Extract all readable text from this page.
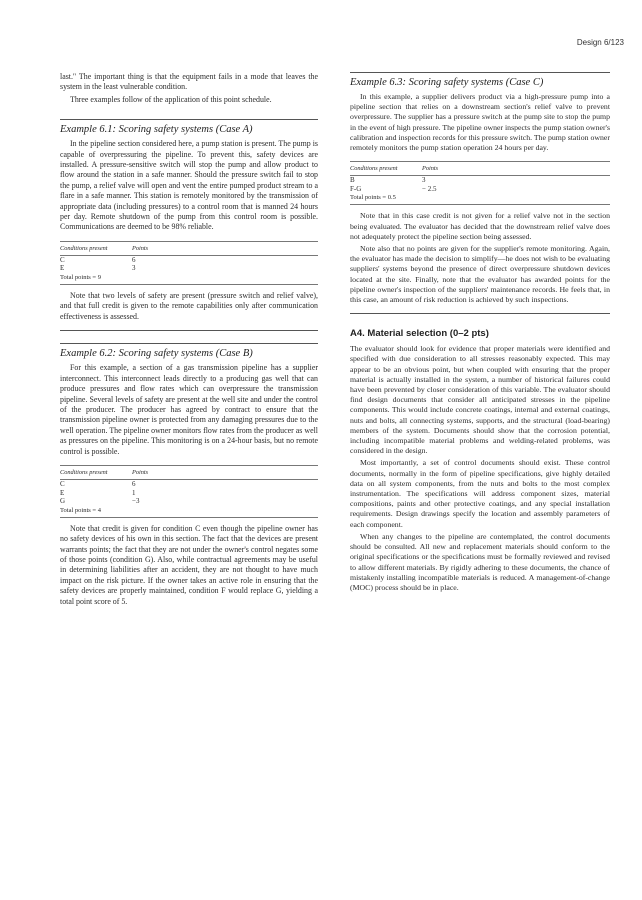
Design 6/123

last." The important thing is that the equipment fails in a mode that leaves the system in the least vulnerable condition.

Three examples follow of the application of this point schedule.

Example 6.1: Scoring safety systems (Case A)

In the pipeline section considered here, a pump station is present. The pump is capable of overpressuring the pipeline. To prevent this, safety devices are installed. A pressure-sensitive switch will stop the pump and allow product to flow around the station in a safe manner. Should the pressure switch fail to stop the pump, a relief valve will open and vent the entire pumped product stream to a flare in a safe manner. This station is remotely monitored by the transmission of appropriate data (including pressures) to a control room that is manned 24 hours per day. Remote shutdown of the pump from this control room is possible. Communications are deemed to be 98% reliable.

Conditions present	Points
C	6
E	3
Total points = 9

Note that two levels of safety are present (pressure switch and relief valve), and that full credit is given to the remote capabilities only after communication effectiveness is assessed.

Example 6.2: Scoring safety systems (Case B)

For this example, a section of a gas transmission pipeline has a supplier interconnect. This interconnect leads directly to a producing gas well that can produce pressures and flow rates which can overpressure the transmission pipeline. Several levels of safety are present at the well site and under the control of the producer. The producer has agreed by contract to ensure that the transmission pipeline owner is protected from any damaging pressures due to the well operation. The pipeline owner monitors flow rates from the producer as well as pressures on the pipeline. This monitoring is on a 24-hour basis, but no remote control is possible.

Conditions present	Points
C	6
E	1
G	−3
Total points = 4

Note that credit is given for condition C even though the pipeline owner has no safety devices of his own in this section. The fact that the devices are present warrants points; the fact that they are not under the owner's control negates some of those points (condition G). Also, while contractual agreements may be useful in determining liabilities after an accident, they are not thought to have much impact on the risk picture. If the owner takes an active role in ensuring that the safety devices are properly maintained, condition F would replace G, yielding a total point score of 5.

Example 6.3: Scoring safety systems (Case C)

In this example, a supplier delivers product via a high-pressure pump into a pipeline section that relies on a downstream section's relief valve to prevent overpressure. The supplier has a pressure switch at the pump site to stop the pump in the event of high pressure. The pipeline owner inspects the pump station owner's calibration and inspection records for this pressure switch. The pump station owner remotely monitors the pump station operation 24 hours per day.

Conditions present	Points
B	3
F-G	− 2.5
Total points = 0.5

Note that in this case credit is not given for a relief valve not in the section being evaluated. The evaluator has decided that the downstream relief valve does not adequately protect the pipeline section being assessed.

Note also that no points are given for the supplier's remote monitoring. Again, the evaluator has made the decision to simplify—he does not wish to be evaluating suppliers' systems beyond the presence of direct overpressure shutdown devices located at the site. Finally, note that the evaluator has awarded points for the pipeline owner's inspection of the suppliers' maintenance records. He feels that, in this case, an amount of risk reduction is achieved by such inspections.

A4. Material selection (0–2 pts)

The evaluator should look for evidence that proper materials were identified and specified with due consideration to all stresses reasonably expected. This may appear to be an obvious point, but when coupled with ensuring that the proper material is actually installed in the system, a number of historical failures could have been prevented by closer consideration of this variable. The evaluator should find design documents that consider all anticipated stresses in the pipeline components. This would include concrete coatings, internal and external coatings, nuts and bolts, all connecting systems, supports, and the structural (load-bearing) members of the system. Documents should show that the corrosion potential, including incompatible material problems and welding-related problems, was considered in the design.

Most importantly, a set of control documents should exist. These control documents, normally in the form of pipeline specifications, give highly detailed data on all system components, from the nuts and bolts to the most complex instrumentation. The specifications will address component sizes, material compositions, paints and other protective coatings, and any special installation requirements. Design drawings specify the location and assembly parameters of each component.

When any changes to the pipeline are contemplated, the control documents should be consulted. All new and replacement materials should conform to the original specifications or the specifications must be formally reviewed and revised to allow different materials. By rigidly adhering to these documents, the chance of mistakenly installing incompatible materials is reduced. A management-of-change (MOC) process should be in place.
